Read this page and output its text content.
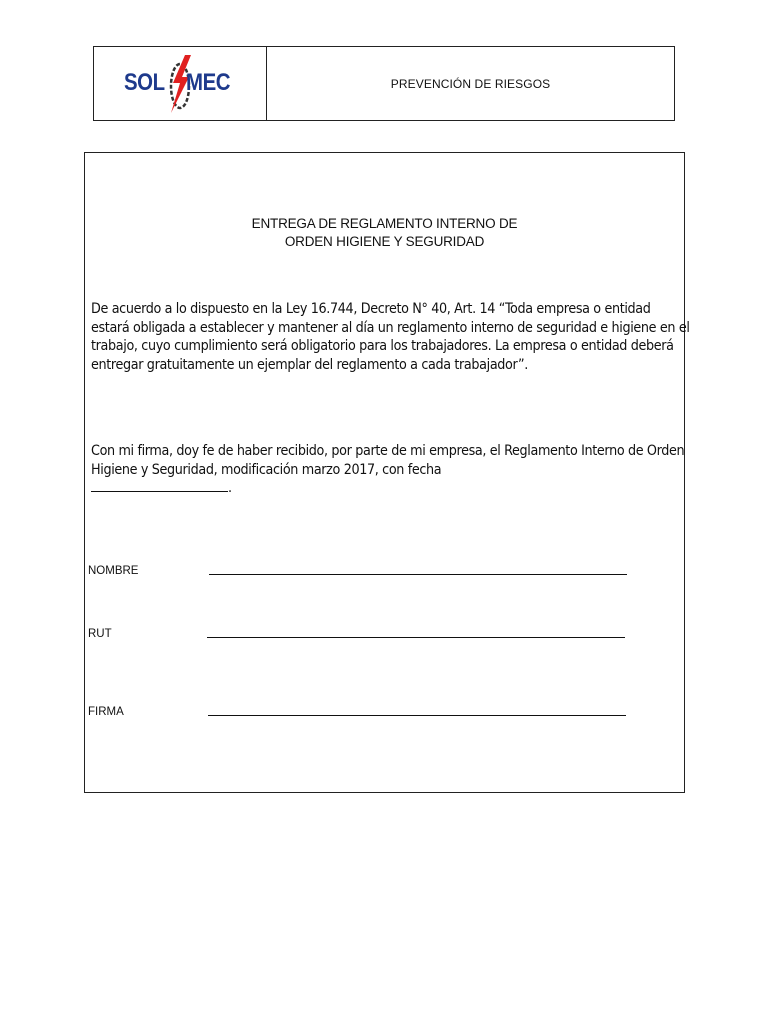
SOL MEC	PREVENCIÓN DE RIESGOS
ENTREGA DE REGLAMENTO INTERNO DE
ORDEN HIGIENE Y SEGURIDAD
De acuerdo a lo dispuesto en la Ley 16.744, Decreto N° 40, Art. 14 “Toda empresa o entidad estará obligada a establecer y mantener al día un reglamento interno de seguridad e higiene en el trabajo, cuyo cumplimiento será obligatorio para los trabajadores. La empresa o entidad deberá entregar gratuitamente un ejemplar del reglamento a cada trabajador”.
Con mi firma, doy fe de haber recibido, por parte de mi empresa, el Reglamento Interno de Orden Higiene y Seguridad, modificación marzo 2017, con fecha
.
NOMBRE
RUT
FIRMA
